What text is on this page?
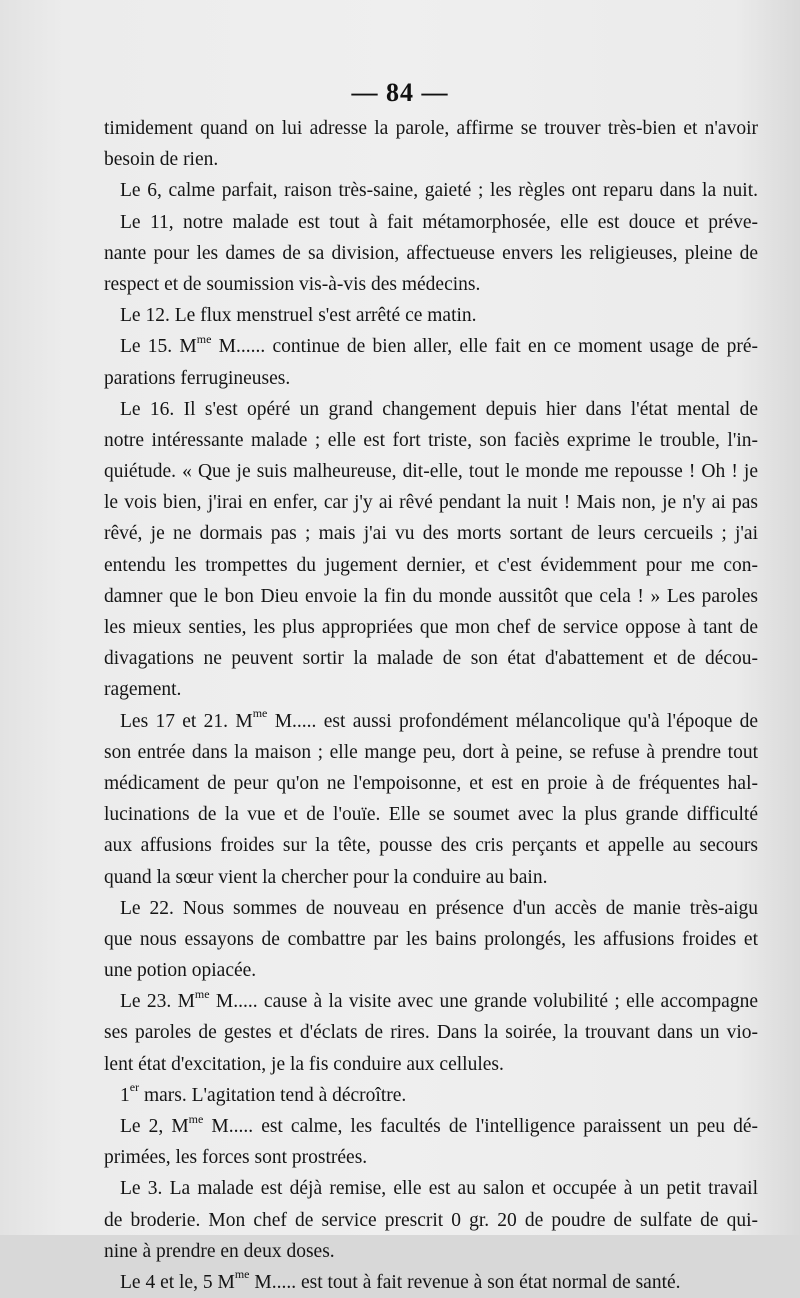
— 84 —
timidement quand on lui adresse la parole, affirme se trouver très-bien et n'avoir
besoin de rien.
Le 6, calme parfait, raison très-saine, gaieté ; les règles ont reparu dans la nuit.
Le 11, notre malade est tout à fait métamorphosée, elle est douce et préve-
nante pour les dames de sa division, affectueuse envers les religieuses, pleine de
respect et de soumission vis-à-vis des médecins.
Le 12. Le flux menstruel s'est arrêté ce matin.
Le 15. $M^{me}$ M...... continue de bien aller, elle fait en ce moment usage de pré-
parations ferrugineuses.
Le 16. Il s'est opéré un grand changement depuis hier dans l'état mental de
notre intéressante malade ; elle est fort triste, son faciès exprime le trouble, l'in-
quiétude. « Que je suis malheureuse, dit-elle, tout le monde me repousse ! Oh ! je
le vois bien, j'irai en enfer, car j'y ai rêvé pendant la nuit ! Mais non, je n'y ai pas
rêvé, je ne dormais pas ; mais j'ai vu des morts sortant de leurs cercueils ; j'ai
entendu les trompettes du jugement dernier, et c'est évidemment pour me con-
damner que le bon Dieu envoie la fin du monde aussitôt que cela ! » Les paroles
les mieux senties, les plus appropriées que mon chef de service oppose à tant de
divagations ne peuvent sortir la malade de son état d'abattement et de décou-
ragement.
Les 17 et 21. $M^{me}$ M..... est aussi profondément mélancolique qu'à l'époque de
son entrée dans la maison ; elle mange peu, dort à peine, se refuse à prendre tout
médicament de peur qu'on ne l'empoisonne, et est en proie à de fréquentes hal-
lucinations de la vue et de l'ouïe. Elle se soumet avec la plus grande difficulté
aux affusions froides sur la tête, pousse des cris perçants et appelle au secours
quand la sœur vient la chercher pour la conduire au bain.
Le 22. Nous sommes de nouveau en présence d'un accès de manie très-aigu
que nous essayons de combattre par les bains prolongés, les affusions froides et
une potion opiacée.
Le 23. $M^{me}$ M..... cause à la visite avec une grande volubilité ; elle accompagne
ses paroles de gestes et d'éclats de rires. Dans la soirée, la trouvant dans un vio-
lent état d'excitation, je la fis conduire aux cellules.
1er mars. L'agitation tend à décroître.
Le 2, $M^{me}$ M..... est calme, les facultés de l'intelligence paraissent un peu dé-
primées, les forces sont prostrées.
Le 3. La malade est déjà remise, elle est au salon et occupée à un petit travail
de broderie. Mon chef de service prescrit 0 gr. 20 de poudre de sulfate de qui-
nine à prendre en deux doses.
Le 4 et le, 5 $M^{me}$ M..... est tout à fait revenue à son état normal de santé.
